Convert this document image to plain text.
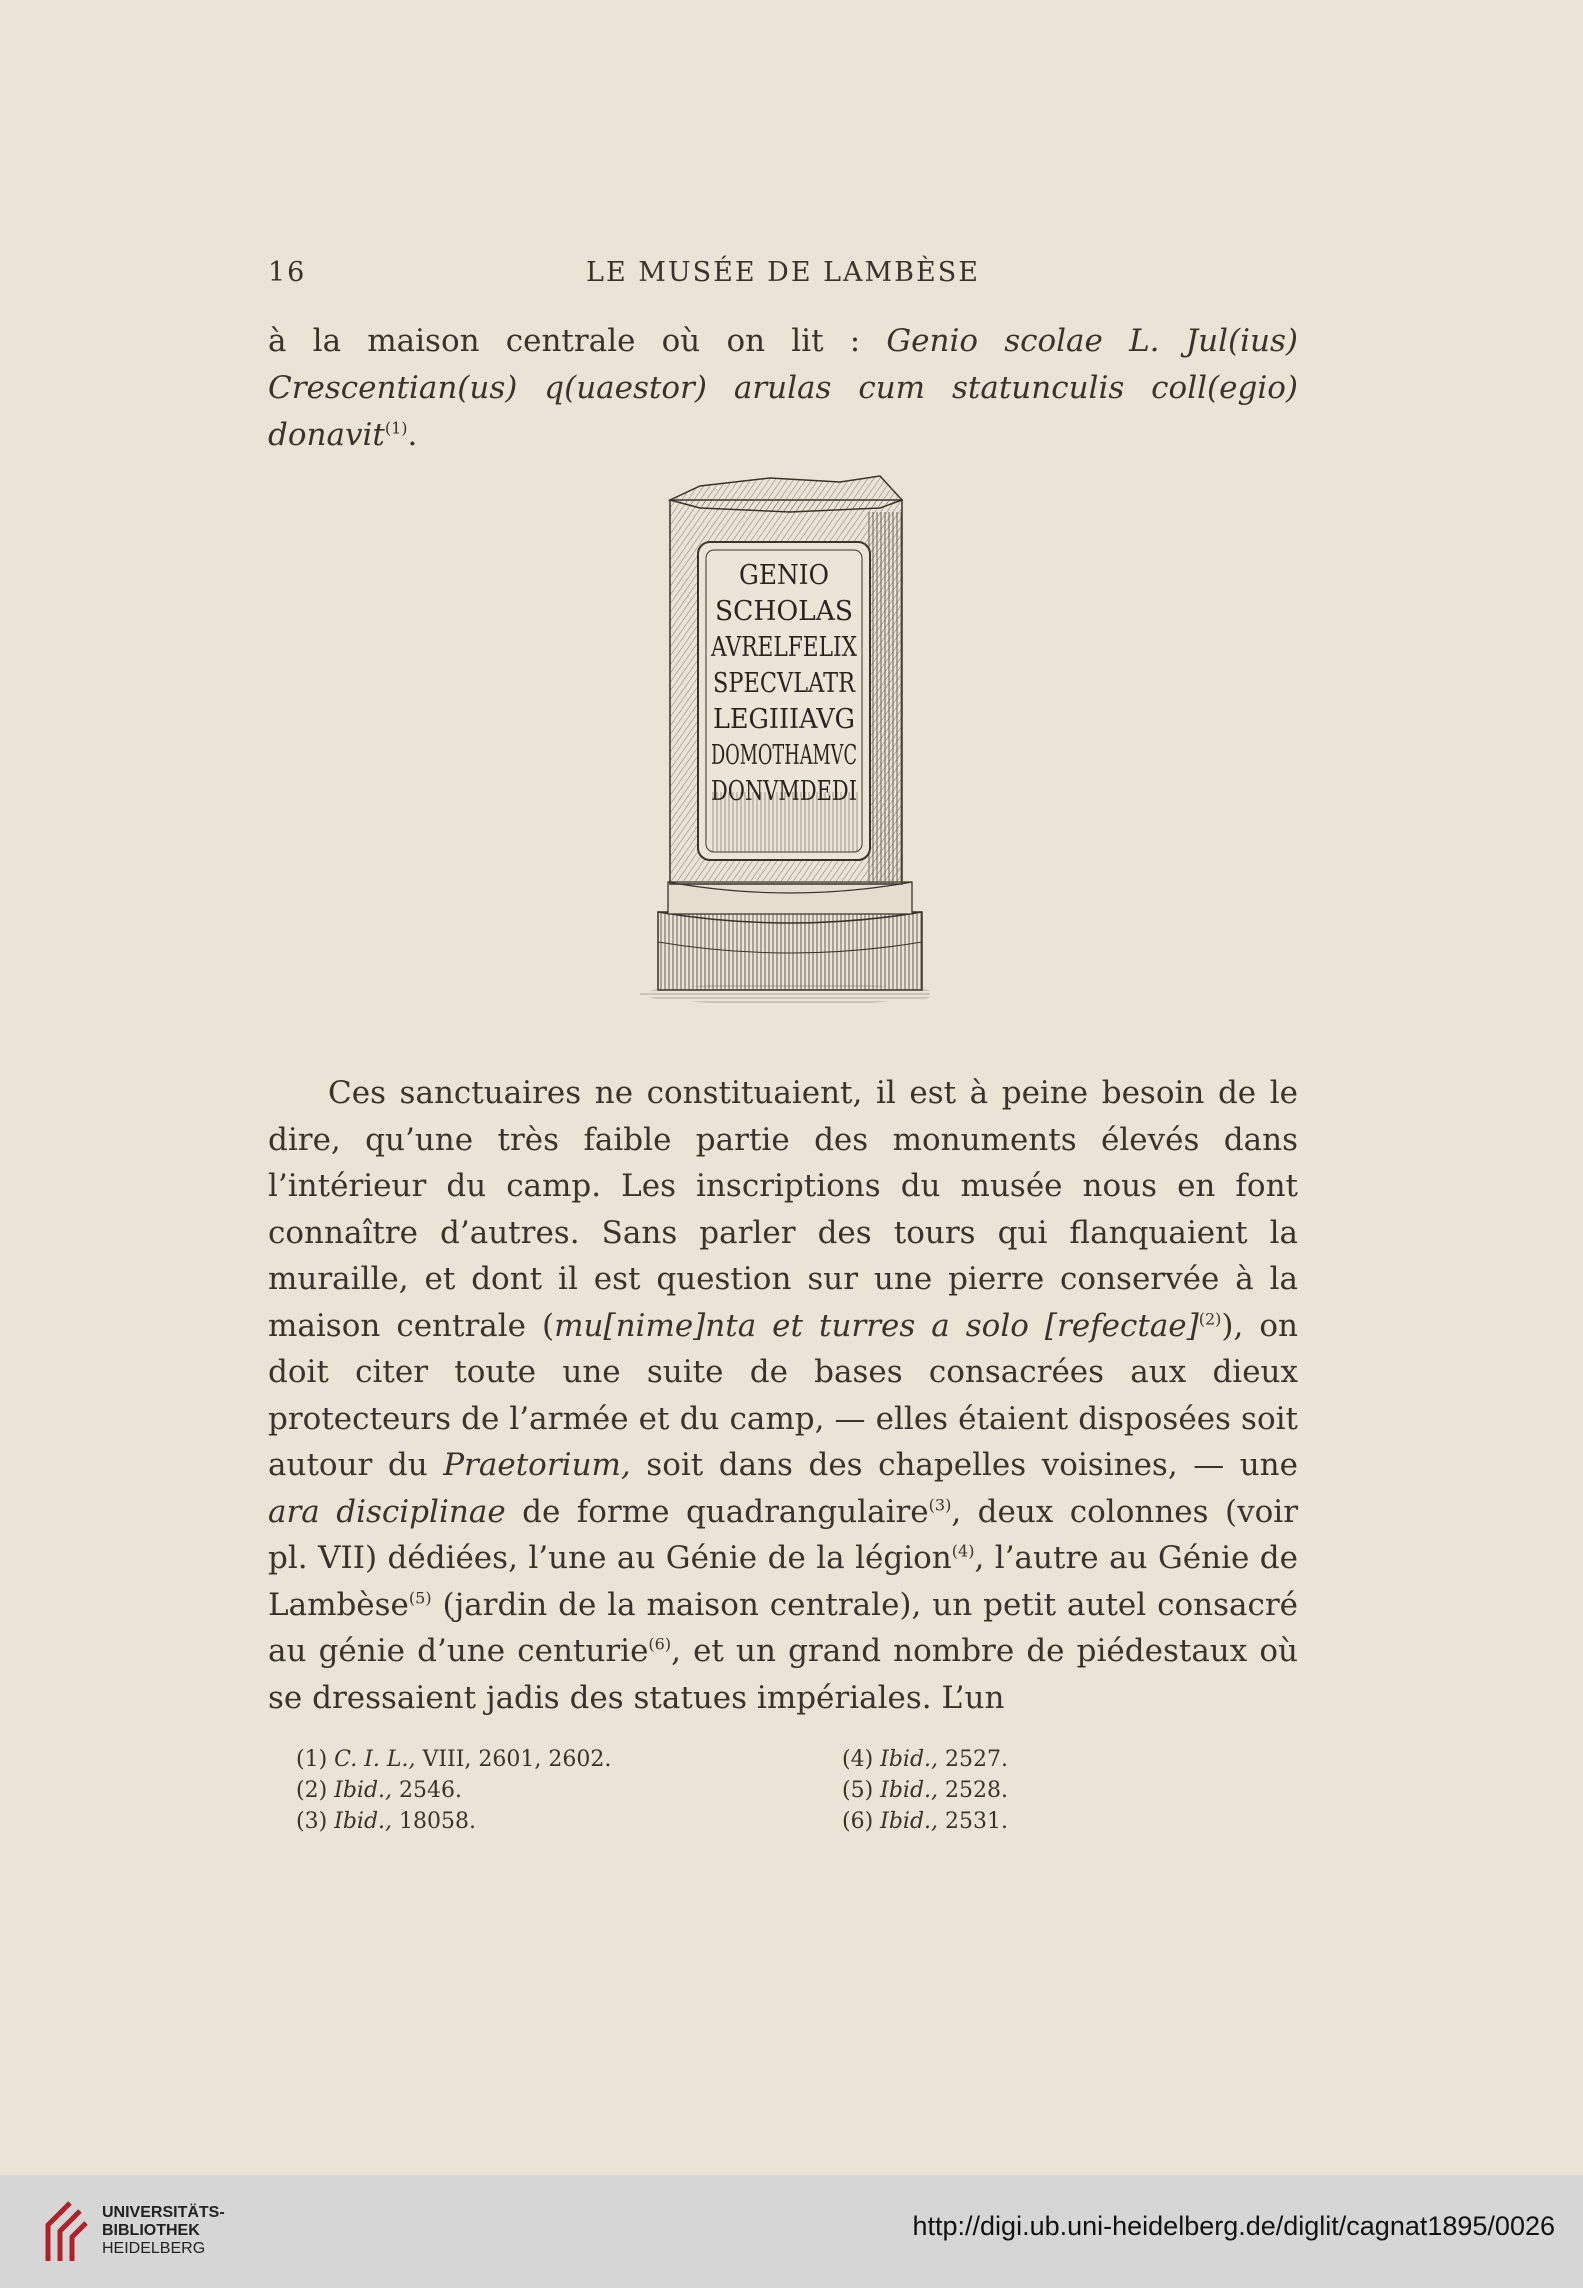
16	LE MUSÉE DE LAMBÈSE
à la maison centrale où on lit : Genio scolae L. Jul(ius) Crescentian(us) q(uaestor) arulas cum statunculis coll(egio) donavit$^{(1)}$.
GENIO
SCHOLAS
AVRELFELIX
SPECVLATR
LEGIIIAVG
DOMOTHAMVC
DONVMDEDI
Ces sanctuaires ne constituaient, il est à peine besoin de le dire, qu’une très faible partie des monuments élevés dans l’intérieur du camp. Les inscriptions du musée nous en font connaître d’autres. Sans parler des tours qui flanquaient la muraille, et dont il est question sur une pierre conservée à la maison centrale (mu[nime]nta et turres a solo [refectae]$^{(2)}$), on doit citer toute une suite de bases consacrées aux dieux protecteurs de l’armée et du camp, — elles étaient disposées soit autour du Praetorium, soit dans des chapelles voisines, — une ara disciplinae de forme quadrangulaire$^{(3)}$, deux colonnes (voir pl. VII) dédiées, l’une au Génie de la légion$^{(4)}$, l’autre au Génie de Lambèse$^{(5)}$ (jardin de la maison centrale), un petit autel consacré au génie d’une centurie$^{(6)}$, et un grand nombre de piédestaux où se dressaient jadis des statues impériales. L’un
(1) C. I. L., VIII, 2601, 2602.
(2) Ibid., 2546.
(3) Ibid., 18058.
(4) Ibid., 2527.
(5) Ibid., 2528.
(6) Ibid., 2531.
UNIVERSITÄTS-
BIBLIOTHEK
HEIDELBERG
http://digi.ub.uni-heidelberg.de/diglit/cagnat1895/0026
